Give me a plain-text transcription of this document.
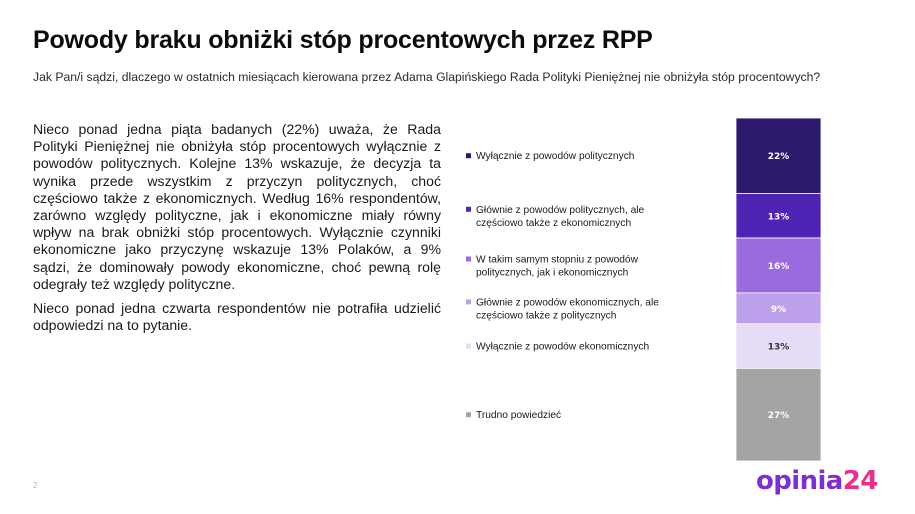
Powody braku obniżki stóp procentowych przez RPP
Jak Pan/i sądzi, dlaczego w ostatnich miesiącach kierowana przez Adama Glapińskiego Rada Polityki Pieniężnej nie obniżyła stóp procentowych?

Nieco ponad jedna piąta badanych (22%) uważa, że Rada Polityki Pieniężnej nie obniżyła stóp procentowych wyłącznie z powodów politycznych. Kolejne 13% wskazuje, że decyzja ta wynika przede wszystkim z przyczyn politycznych, choć częściowo także z ekonomicznych. Według 16% respondentów, zarówno względy polityczne, jak i ekonomiczne miały równy wpływ na brak obniżki stóp procentowych. Wyłącznie czynniki ekonomiczne jako przyczynę wskazuje 13% Polaków, a 9% sądzi, że dominowały powody ekonomiczne, choć pewną rolę odegrały też względy polityczne.

Nieco ponad jedna czwarta respondentów nie potrafiła udzielić odpowiedzi na to pytanie.

Wyłącznie z powodów politycznych
Głównie z powodów politycznych, ale częściowo także z ekonomicznych
W takim samym stopniu z powodów politycznych, jak i ekonomicznych
Głównie z powodów ekonomicznych, ale częściowo także z politycznych
Wyłącznie z powodów ekonomicznych
Trudno powiedzieć
22%
13%
16%
9%
13%
27%
2	opinia24
